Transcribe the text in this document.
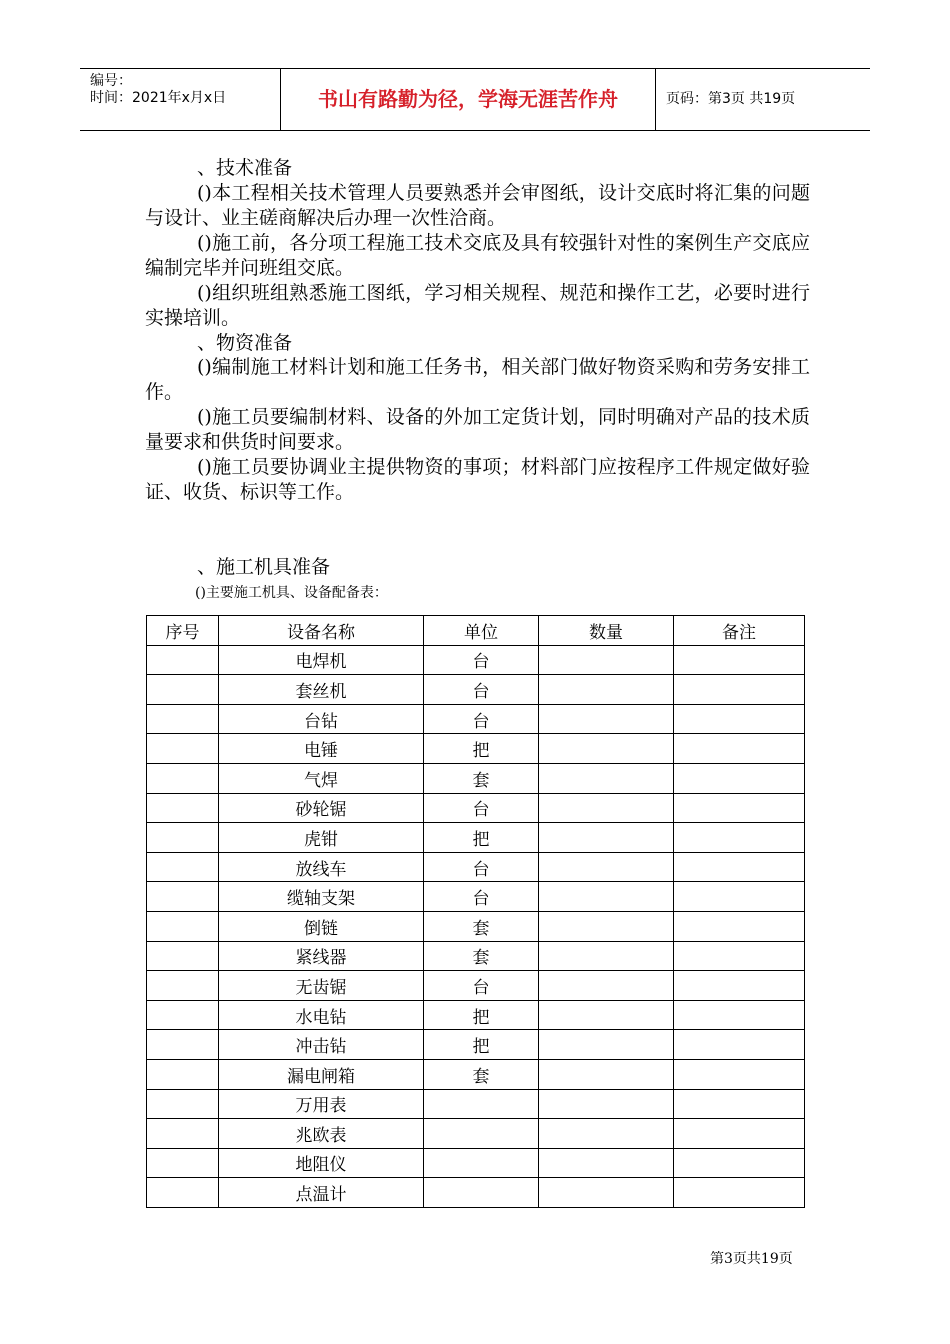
编号：
时间：2021年x月x日	书山有路勤为径，学海无涯苦作舟	页码：第3页 共19页
、技术准备
()本工程相关技术管理人员要熟悉并会审图纸，设计交底时将汇集的问题与设计、业主磋商解决后办理一次性洽商。
()施工前，各分项工程施工技术交底及具有较强针对性的案例生产交底应编制完毕并问班组交底。
()组织班组熟悉施工图纸，学习相关规程、规范和操作工艺，必要时进行实操培训。
、物资准备
()编制施工材料计划和施工任务书，相关部门做好物资采购和劳务安排工作。
()施工员要编制材料、设备的外加工定货计划，同时明确对产品的技术质量要求和供货时间要求。
()施工员要协调业主提供物资的事项；材料部门应按程序工件规定做好验证、收货、标识等工作。
、施工机具准备
()主要施工机具、设备配备表：
序号	设备名称	单位	数量	备注
	电焊机	台		
	套丝机	台		
	台钻	台		
	电锤	把		
	气焊	套		
	砂轮锯	台		
	虎钳	把		
	放线车	台		
	缆轴支架	台		
	倒链	套		
	紧线器	套		
	无齿锯	台		
	水电钻	把		
	冲击钻	把		
	漏电闸箱	套		
	万用表			
	兆欧表			
	地阻仪			
	点温计			
第3页共19页
